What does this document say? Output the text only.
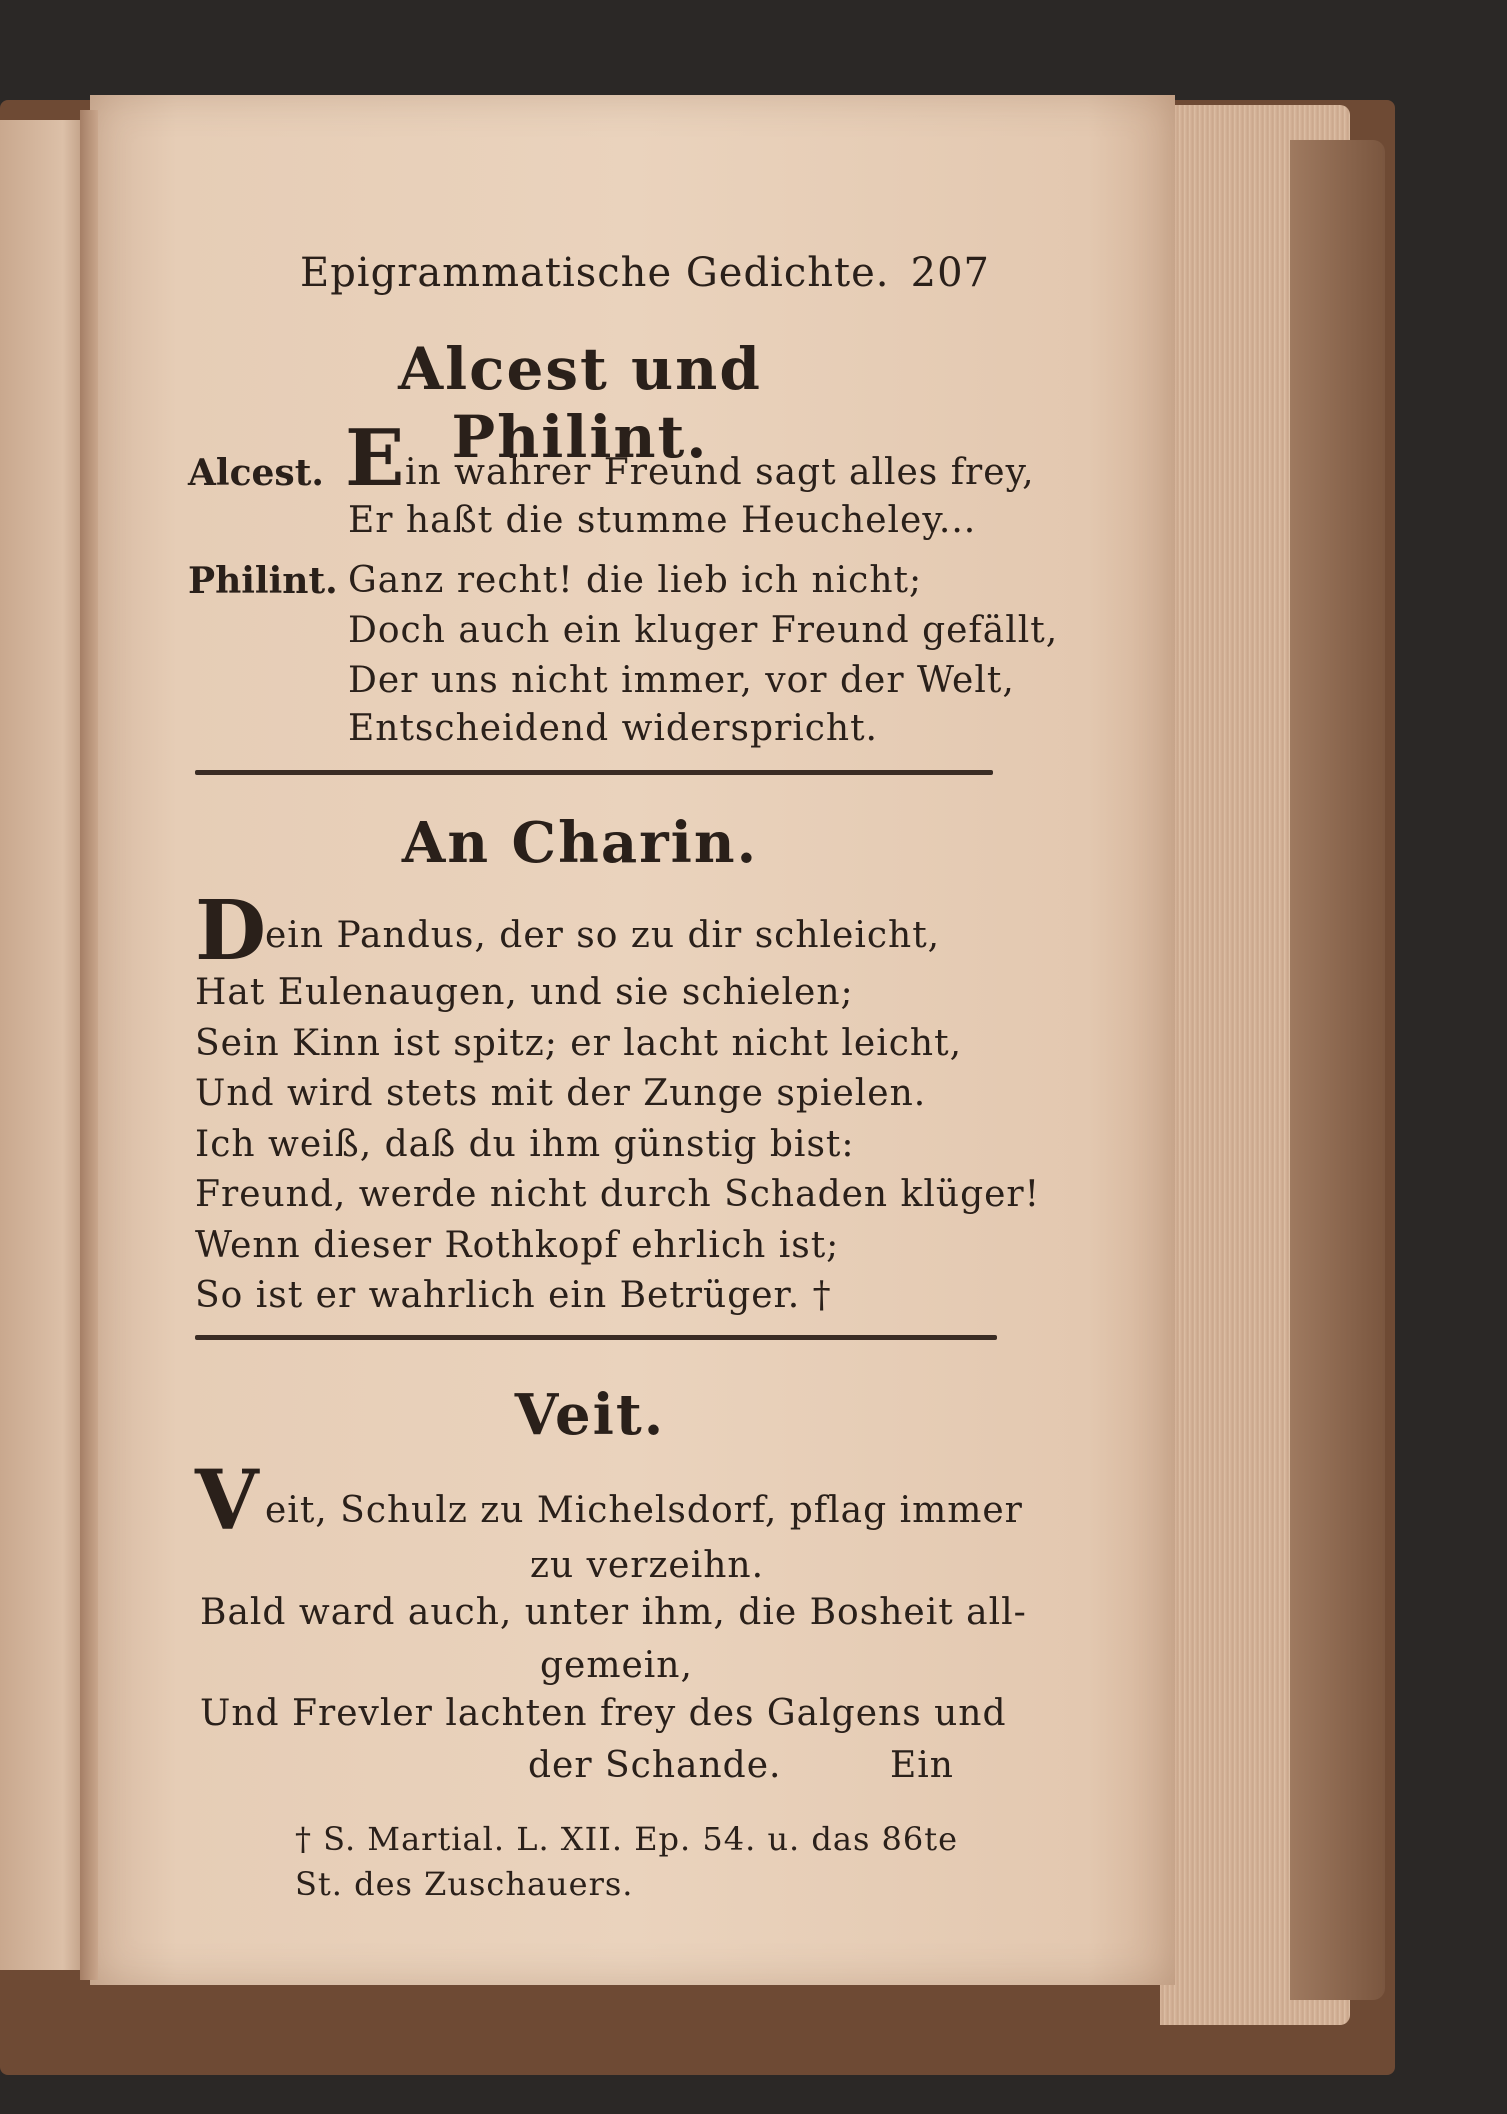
Epigrammatische Gedichte. 207
Alcest und Philint.
Alcest. E in wahrer Freund sagt alles frey,
Er haßt die stumme Heucheley...
Philint. Ganz recht! die lieb ich nicht;
Doch auch ein kluger Freund gefällt,
Der uns nicht immer, vor der Welt,
Entscheidend widerspricht.
An Charin.
D
ein Pandus, der so zu dir schleicht,
Hat Eulenaugen, und sie schielen;
Sein Kinn ist spitz; er lacht nicht leicht,
Und wird stets mit der Zunge spielen.
Ich weiß, daß du ihm günstig bist:
Freund, werde nicht durch Schaden klüger!
Wenn dieser Rothkopf ehrlich ist;
So ist er wahrlich ein Betrüger. †
Veit.
V eit, Schulz zu Michelsdorf, pflag immer
zu verzeihn.
Bald ward auch, unter ihm, die Bosheit all-
gemein,
Und Frevler lachten frey des Galgens und
der Schande.	Ein
† S. Martial. L. XII. Ep. 54. u. das 86te
St. des Zuschauers.
